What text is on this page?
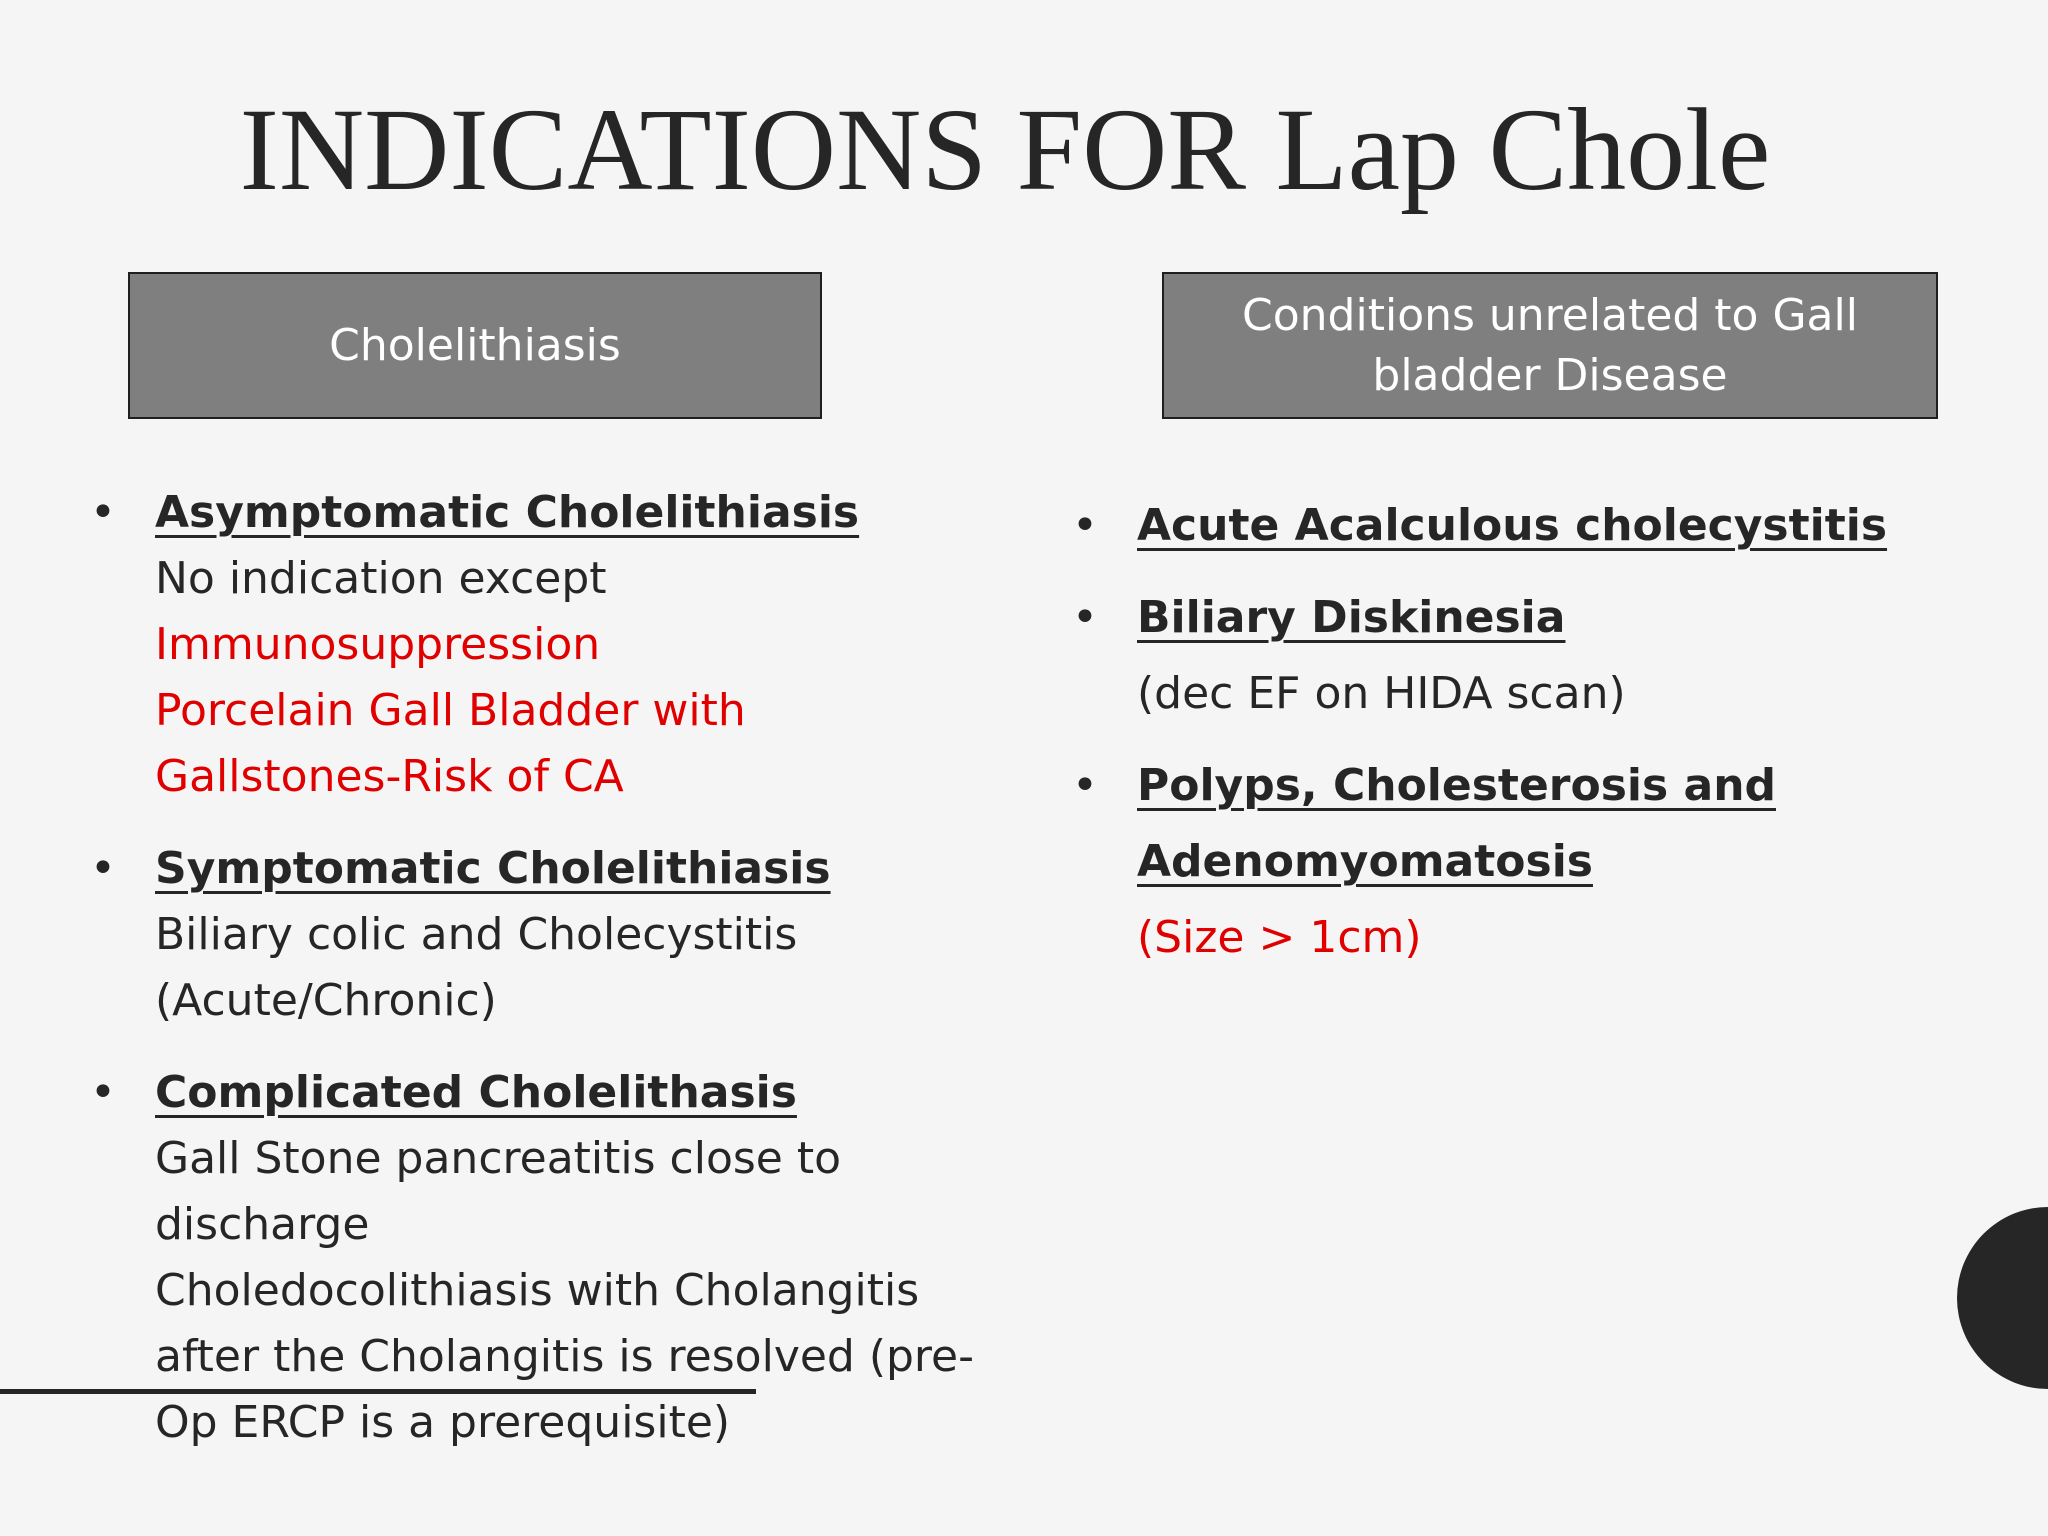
INDICATIONS FOR Lap Chole
Cholelithiasis
Conditions unrelated to Gall bladder Disease
• Asymptomatic Cholelithiasis
No indication except
Immunosuppression
Porcelain Gall Bladder with Gallstones-Risk of CA
• Symptomatic Cholelithiasis
Biliary colic and Cholecystitis (Acute/Chronic)
• Complicated Cholelithasis
Gall Stone pancreatitis close to discharge
Choledocolithiasis with Cholangitis after the Cholangitis is resolved (pre-Op ERCP is a prerequisite)
• Acute Acalculous cholecystitis
• Biliary Diskinesia
(dec EF on HIDA scan)
• Polyps, Cholesterosis and Adenomyomatosis
(Size > 1cm)
